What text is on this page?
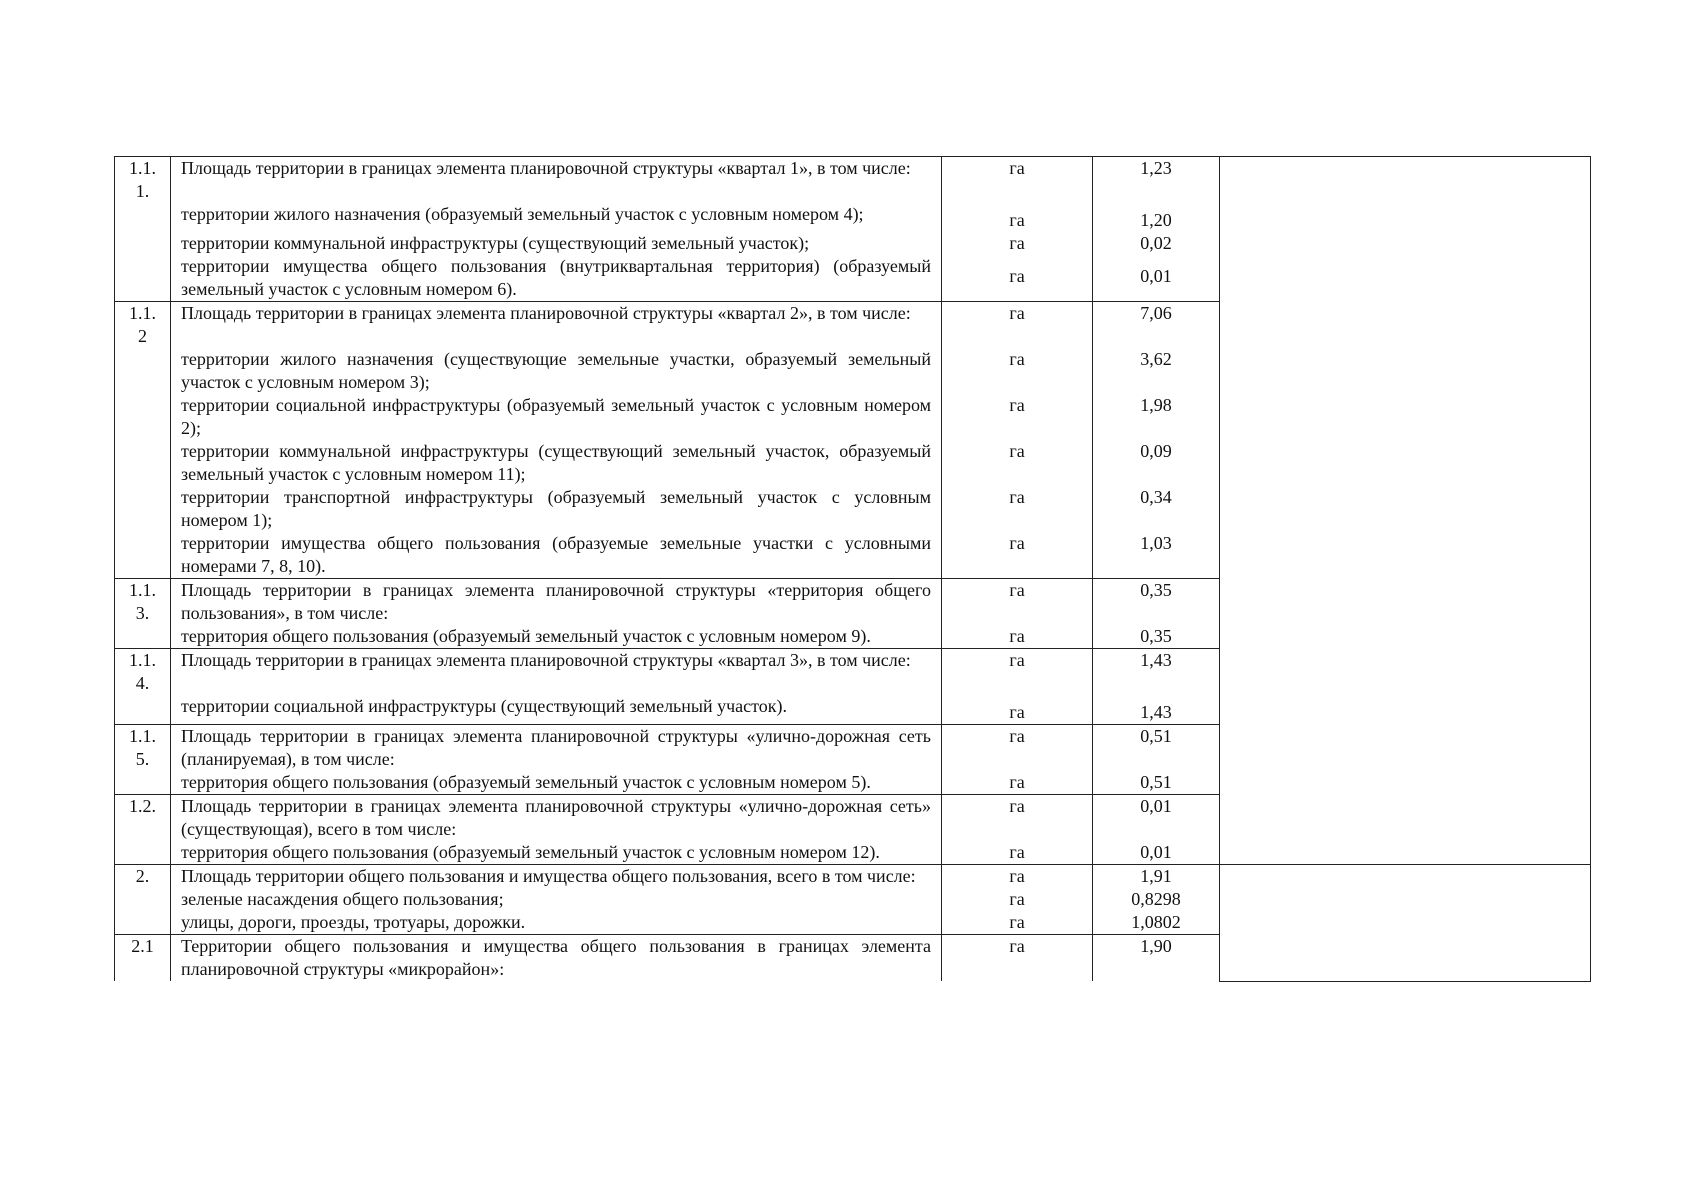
1.1. 1.	Площадь территории в границах элемента планировочной структуры «квартал 1», в том числе:	га	1,23	

	территории жилого назначения (образуемый земельный участок с условным номером 4);	га	1,20	

	территории коммунальной инфраструктуры (существующий земельный участок);	га	0,02	

	территории имущества общего пользования (внутриквартальная территория) (образуемый земельный участок с условным номером 6).	га	0,01	

1.1. 2	Площадь территории в границах элемента планировочной структуры «квартал 2», в том числе:	га	7,06	

	территории жилого назначения (существующие земельные участки, образуемый земельный участок с условным номером 3);	га	3,62	

	территории социальной инфраструктуры (образуемый земельный участок с условным номером 2);	га	1,98	

	территории коммунальной инфраструктуры (существующий земельный участок, образуемый земельный участок с условным номером 11);	га	0,09	

	территории транспортной инфраструктуры (образуемый земельный участок с условным номером 1);	га	0,34	

	территории имущества общего пользования (образуемые земельные участки с условными номерами 7, 8, 10).	га	1,03	

1.1. 3.	Площадь территории в границах элемента планировочной структуры «территория общего пользования», в том числе:	га	0,35	

	территория общего пользования (образуемый земельный участок с условным номером 9).	га	0,35	

1.1. 4.	Площадь территории в границах элемента планировочной структуры «квартал 3», в том числе:	га	1,43	

	территории социальной инфраструктуры (существующий земельный участок).	га	1,43	

1.1. 5.	Площадь территории в границах элемента планировочной структуры «улично-дорожная сеть (планируемая), в том числе:	га	0,51	

	территория общего пользования (образуемый земельный участок с условным номером 5).	га	0,51	

1.2.	Площадь территории в границах элемента планировочной структуры «улично-дорожная сеть» (существующая), всего в том числе:	га	0,01	

	территория общего пользования (образуемый земельный участок с условным номером 12).	га	0,01	

2.	Площадь территории общего пользования и имущества общего пользования, всего в том числе:	га	1,91	

	зеленые насаждения общего пользования;	га	0,8298	

	улицы, дороги, проезды, тротуары, дорожки.	га	1,0802	

2.1	Территории общего пользования и имущества общего пользования в границах элемента планировочной структуры «микрорайон»:	га	1,90	
